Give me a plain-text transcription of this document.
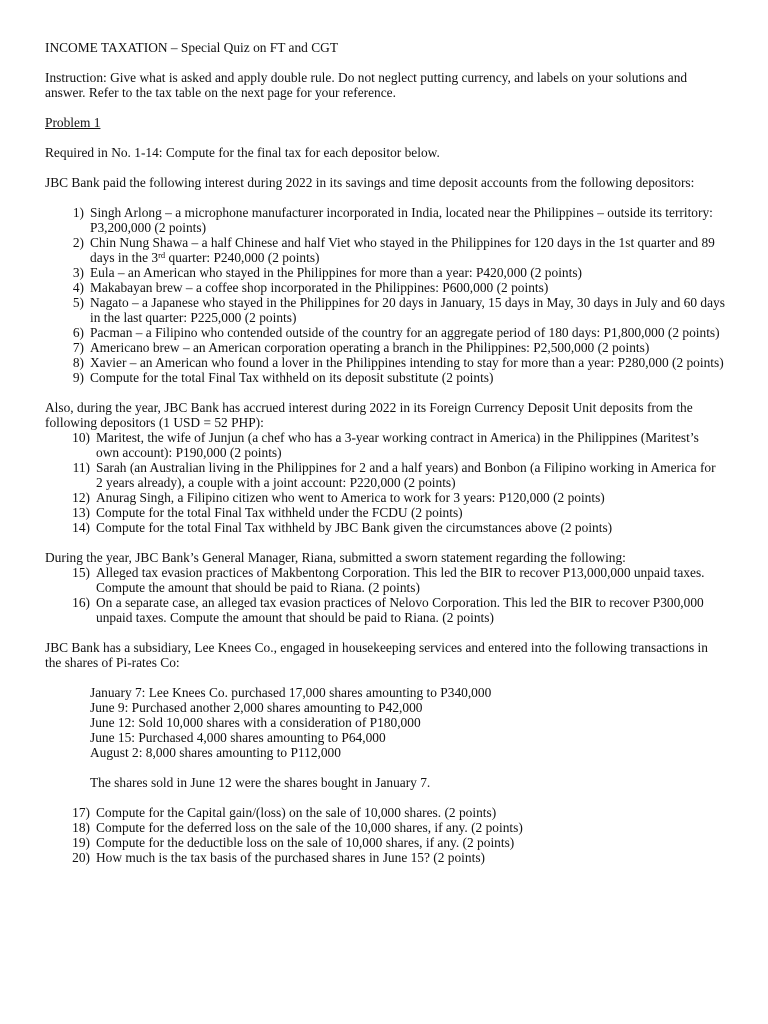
INCOME TAXATION – Special Quiz on FT and CGT

Instruction: Give what is asked and apply double rule. Do not neglect putting currency, and labels on your solutions and answer. Refer to the tax table on the next page for your reference.

Problem 1

Required in No. 1-14: Compute for the final tax for each depositor below.

JBC Bank paid the following interest during 2022 in its savings and time deposit accounts from the following depositors:

1) Singh Arlong – a microphone manufacturer incorporated in India, located near the Philippines – outside its territory: P3,200,000 (2 points)
2) Chin Nung Shawa – a half Chinese and half Viet who stayed in the Philippines for 120 days in the 1st quarter and 89 days in the 3rd quarter: P240,000 (2 points)
3) Eula – an American who stayed in the Philippines for more than a year: P420,000 (2 points)
4) Makabayan brew – a coffee shop incorporated in the Philippines: P600,000 (2 points)
5) Nagato – a Japanese who stayed in the Philippines for 20 days in January, 15 days in May, 30 days in July and 60 days in the last quarter: P225,000 (2 points)
6) Pacman – a Filipino who contended outside of the country for an aggregate period of 180 days: P1,800,000 (2 points)
7) Americano brew – an American corporation operating a branch in the Philippines: P2,500,000 (2 points)
8) Xavier – an American who found a lover in the Philippines intending to stay for more than a year: P280,000 (2 points)
9) Compute for the total Final Tax withheld on its deposit substitute (2 points)

Also, during the year, JBC Bank has accrued interest during 2022 in its Foreign Currency Deposit Unit deposits from the following depositors (1 USD = 52 PHP):

10) Maritest, the wife of Junjun (a chef who has a 3-year working contract in America) in the Philippines (Maritest’s own account): P190,000 (2 points)
11) Sarah (an Australian living in the Philippines for 2 and a half years) and Bonbon (a Filipino working in America for 2 years already), a couple with a joint account: P220,000 (2 points)
12) Anurag Singh, a Filipino citizen who went to America to work for 3 years: P120,000 (2 points)
13) Compute for the total Final Tax withheld under the FCDU (2 points)
14) Compute for the total Final Tax withheld by JBC Bank given the circumstances above (2 points)

During the year, JBC Bank’s General Manager, Riana, submitted a sworn statement regarding the following:

15) Alleged tax evasion practices of Makbentong Corporation. This led the BIR to recover P13,000,000 unpaid taxes. Compute the amount that should be paid to Riana. (2 points)
16) On a separate case, an alleged tax evasion practices of Nelovo Corporation. This led the BIR to recover P300,000 unpaid taxes. Compute the amount that should be paid to Riana. (2 points)

JBC Bank has a subsidiary, Lee Knees Co., engaged in housekeeping services and entered into the following transactions in the shares of Pi-rates Co:

January 7: Lee Knees Co. purchased 17,000 shares amounting to P340,000

June 9: Purchased another 2,000 shares amounting to P42,000

June 12: Sold 10,000 shares with a consideration of P180,000

June 15: Purchased 4,000 shares amounting to P64,000

August 2: 8,000 shares amounting to P112,000

The shares sold in June 12 were the shares bought in January 7.

17) Compute for the Capital gain/(loss) on the sale of 10,000 shares. (2 points)
18) Compute for the deferred loss on the sale of the 10,000 shares, if any. (2 points)
19) Compute for the deductible loss on the sale of 10,000 shares, if any. (2 points)
20) How much is the tax basis of the purchased shares in June 15? (2 points)
